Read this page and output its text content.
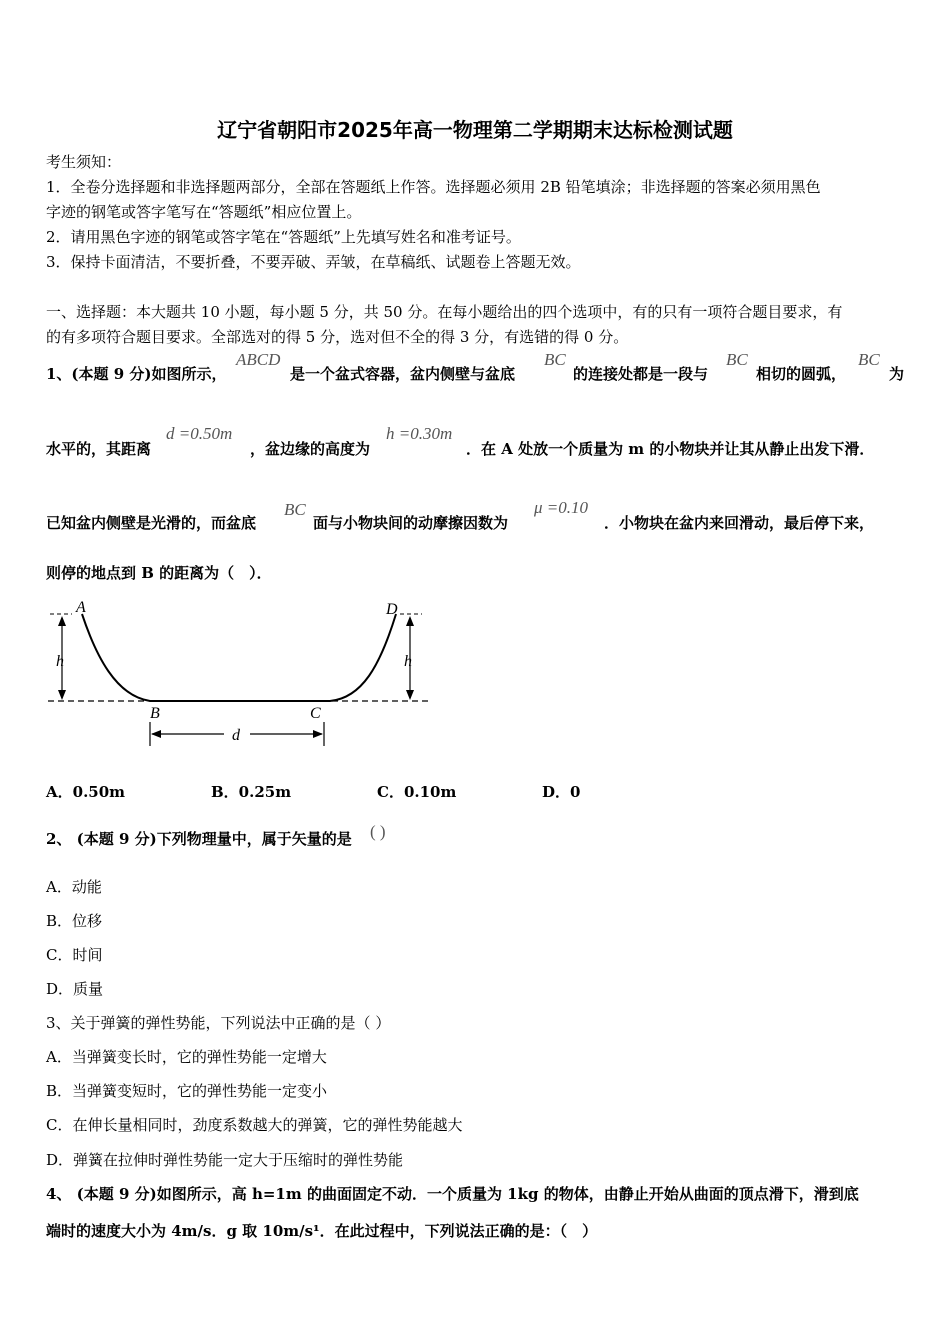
辽宁省朝阳市2025年高一物理第二学期期末达标检测试题
考生须知：
1．全卷分选择题和非选择题两部分，全部在答题纸上作答。选择题必须用 2B 铅笔填涂；非选择题的答案必须用黑色
字迹的钢笔或答字笔写在“答题纸”相应位置上。
2．请用黑色字迹的钢笔或答字笔在“答题纸”上先填写姓名和准考证号。
3．保持卡面清洁，不要折叠，不要弄破、弄皱，在草稿纸、试题卷上答题无效。
一、选择题：本大题共 10 小题，每小题 5 分，共 50 分。在每小题给出的四个选项中，有的只有一项符合题目要求，有
的有多项符合题目要求。全部选对的得 5 分，选对但不全的得 3 分，有选错的得 0 分。
1、(本题 9 分)如图所示，
ABCD
是一个盆式容器，盆内侧壁与盆底
BC
的连接处都是一段与
BC
相切的圆弧，
BC
为
水平的，其距离
d =0.50m
，盆边缘的高度为
h =0.30m
．在 A 处放一个质量为 m 的小物块并让其从静止出发下滑．
已知盆内侧壁是光滑的，而盆底
BC
面与小物块间的动摩擦因数为
μ =0.10
．小物块在盆内来回滑动，最后停下来，
则停的地点到 B 的距离为（　）．
A	D
h	h
B	C
d
A．0.50m	B．0.25m	C．0.10m	D．0
2、 (本题 9 分)下列物理量中，属于矢量的是 ( )
A．动能
B．位移
C．时间
D．质量
3、关于弹簧的弹性势能，下列说法中正确的是（ ）
A．当弹簧变长时，它的弹性势能一定增大
B．当弹簧变短时，它的弹性势能一定变小
C．在伸长量相同时，劲度系数越大的弹簧，它的弹性势能越大
D．弹簧在拉伸时弹性势能一定大于压缩时的弹性势能
4、 (本题 9 分)如图所示，高 h=1m 的曲面固定不动．一个质量为 1kg 的物体，由静止开始从曲面的顶点滑下，滑到底
端时的速度大小为 4m/s．g 取 10m/s¹．在此过程中，下列说法正确的是：（　）
